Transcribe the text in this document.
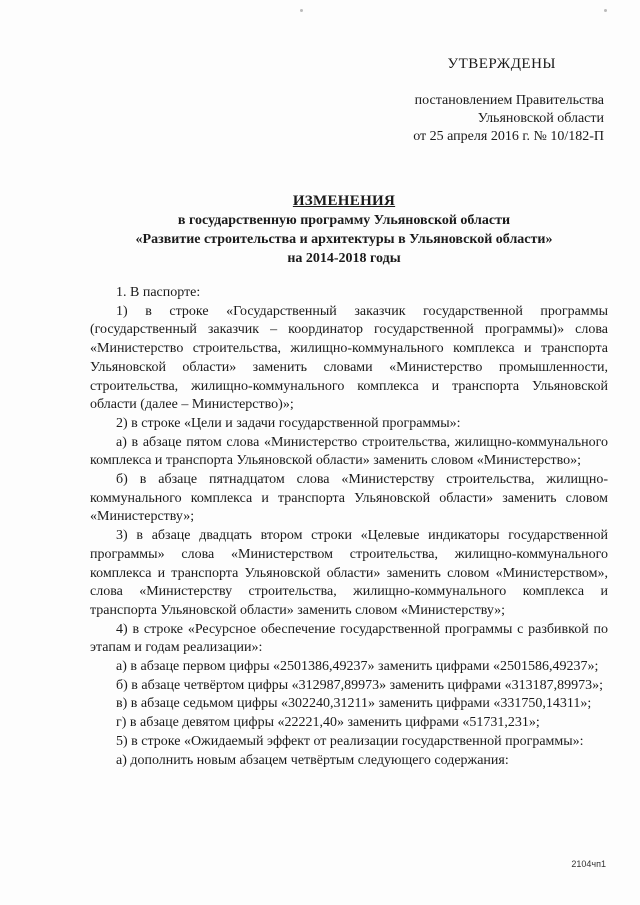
УТВЕРЖДЕНЫ
постановлением Правительства
Ульяновской области
от 25 апреля 2016 г. № 10/182-П
ИЗМЕНЕНИЯ
в государственную программу Ульяновской области
«Развитие строительства и архитектуры в Ульяновской области»
на 2014-2018 годы

1. В паспорте:

1) в строке «Государственный заказчик государственной программы (государственный заказчик – координатор государственной программы)» слова «Министерство строительства, жилищно-коммунального комплекса и транспорта Ульяновской области» заменить словами «Министерство промышленности, строительства, жилищно-коммунального комплекса и транспорта Ульяновской области (далее – Министерство)»;

2) в строке «Цели и задачи государственной программы»:

а) в абзаце пятом слова «Министерство строительства, жилищно-коммунального комплекса и транспорта Ульяновской области» заменить словом «Министерство»;

б) в абзаце пятнадцатом слова «Министерству строительства, жилищно-коммунального комплекса и транспорта Ульяновской области» заменить словом «Министерству»;

3) в абзаце двадцать втором строки «Целевые индикаторы государственной программы» слова «Министерством строительства, жилищно-коммунального комплекса и транспорта Ульяновской области» заменить словом «Министерством», слова «Министерству строительства, жилищно-коммунального комплекса и транспорта Ульяновской области» заменить словом «Министерству»;

4) в строке «Ресурсное обеспечение государственной программы с разбивкой по этапам и годам реализации»:

а) в абзаце первом цифры «2501386,49237» заменить цифрами «2501586,49237»;

б) в абзаце четвёртом цифры «312987,89973» заменить цифрами «313187,89973»;

в) в абзаце седьмом цифры «302240,31211» заменить цифрами «331750,14311»;

г) в абзаце девятом цифры «22221,40» заменить цифрами «51731,231»;

5) в строке «Ожидаемый эффект от реализации государственной программы»:

а) дополнить новым абзацем четвёртым следующего содержания:

2104чп1
